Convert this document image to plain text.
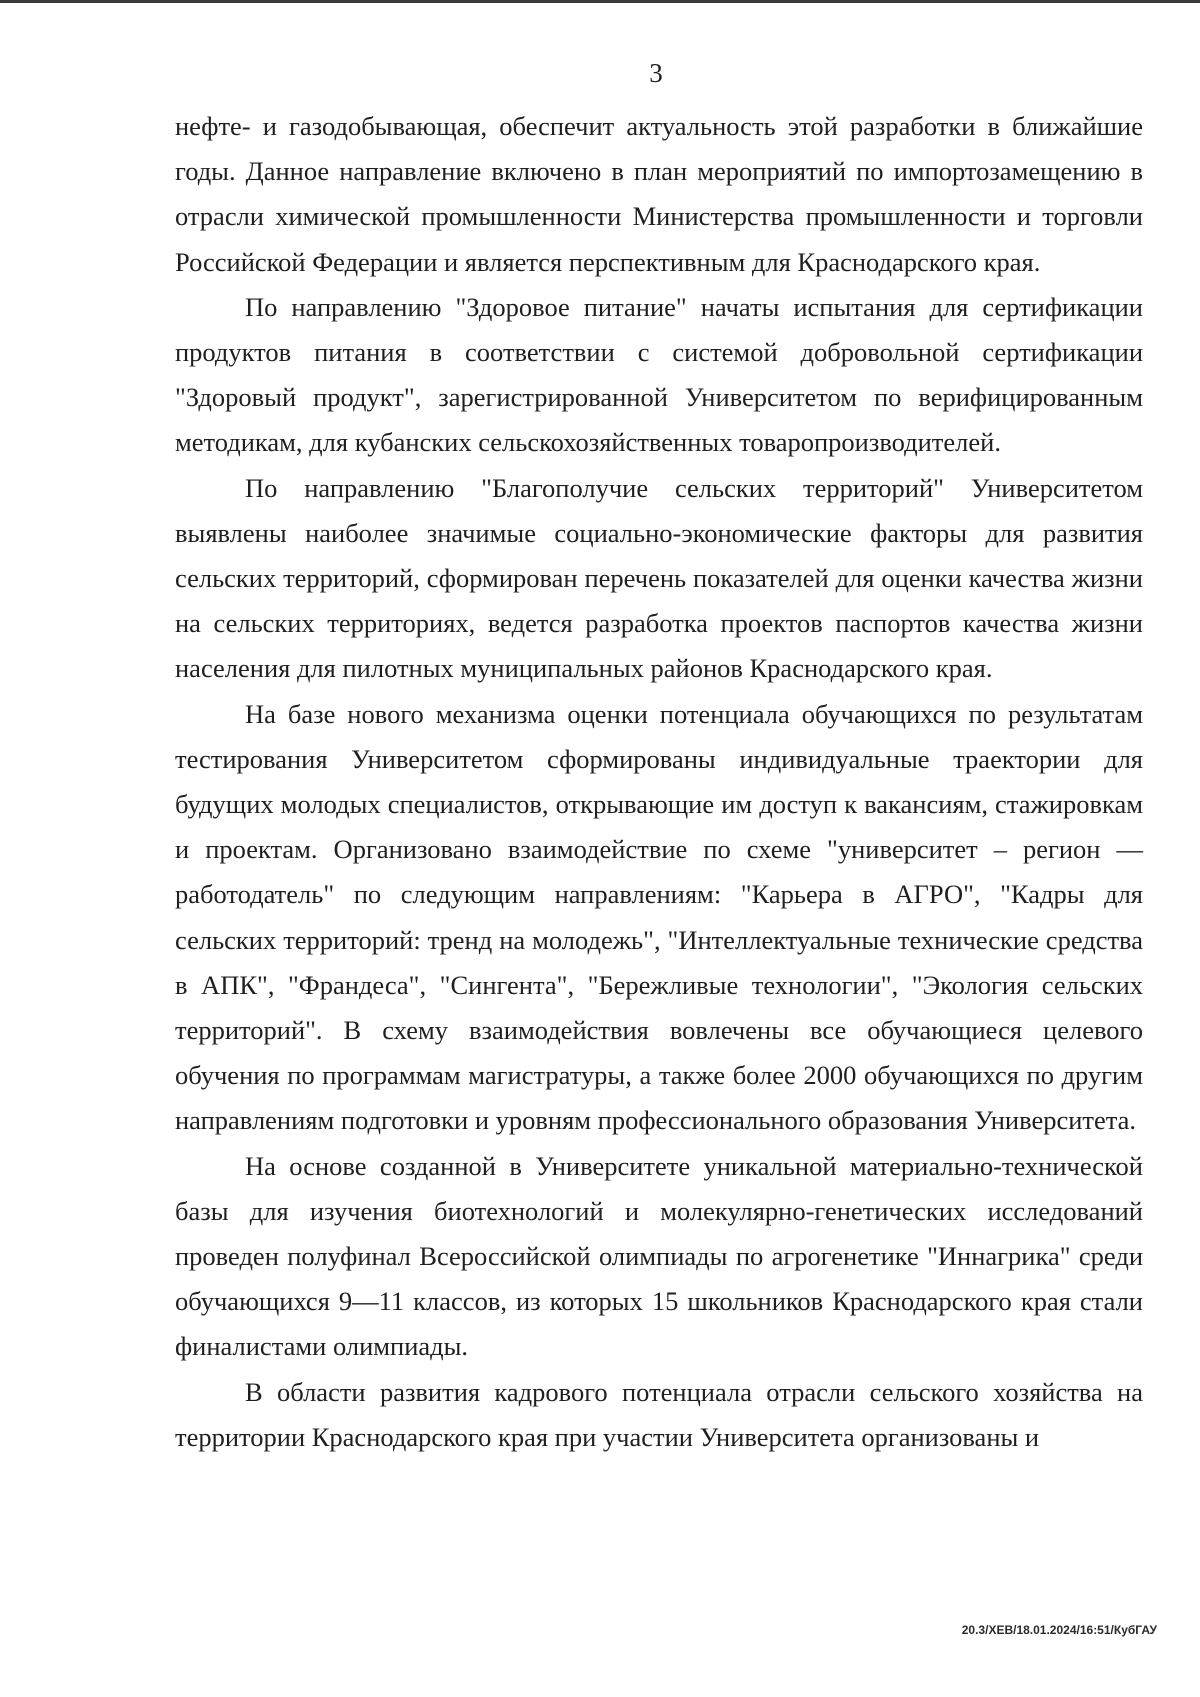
3

нефте- и газодобывающая, обеспечит актуальность этой разработки в ближайшие годы. Данное направление включено в план мероприятий по импортозамещению в отрасли химической промышленности Министерства промышленности и торговли Российской Федерации и является перспективным для Краснодарского края.

По направлению "Здоровое питание" начаты испытания для сертификации продуктов питания в соответствии с системой добровольной сертификации "Здоровый продукт", зарегистрированной Университетом по верифицированным методикам, для кубанских сельскохозяйственных товаропроизводителей.

По направлению "Благополучие сельских территорий" Университетом выявлены наиболее значимые социально-экономические факторы для развития сельских территорий, сформирован перечень показателей для оценки качества жизни на сельских территориях, ведется разработка проектов паспортов качества жизни населения для пилотных муниципальных районов Краснодарского края.

На базе нового механизма оценки потенциала обучающихся по результатам тестирования Университетом сформированы индивидуальные траектории для будущих молодых специалистов, открывающие им доступ к вакансиям, стажировкам и проектам. Организовано взаимодействие по схеме "университет – регион — работодатель" по следующим направлениям: "Карьера в АГРО", "Кадры для сельских территорий: тренд на молодежь", "Интеллектуальные технические средства в АПК", "Франдеса", "Сингента", "Бережливые технологии", "Экология сельских территорий". В схему взаимодействия вовлечены все обучающиеся целевого обучения по программам магистратуры, а также более 2000 обучающихся по другим направлениям подготовки и уровням профессионального образования Университета.

На основе созданной в Университете уникальной материально-технической базы для изучения биотехнологий и молекулярно-генетических исследований проведен полуфинал Всероссийской олимпиады по агрогенетике "Иннагрика" среди обучающихся 9—11 классов, из которых 15 школьников Краснодарского края стали финалистами олимпиады.

В области развития кадрового потенциала отрасли сельского хозяйства на территории Краснодарского края при участии Университета организованы и

20.3/ХЕВ/18.01.2024/16:51/КубГАУ
